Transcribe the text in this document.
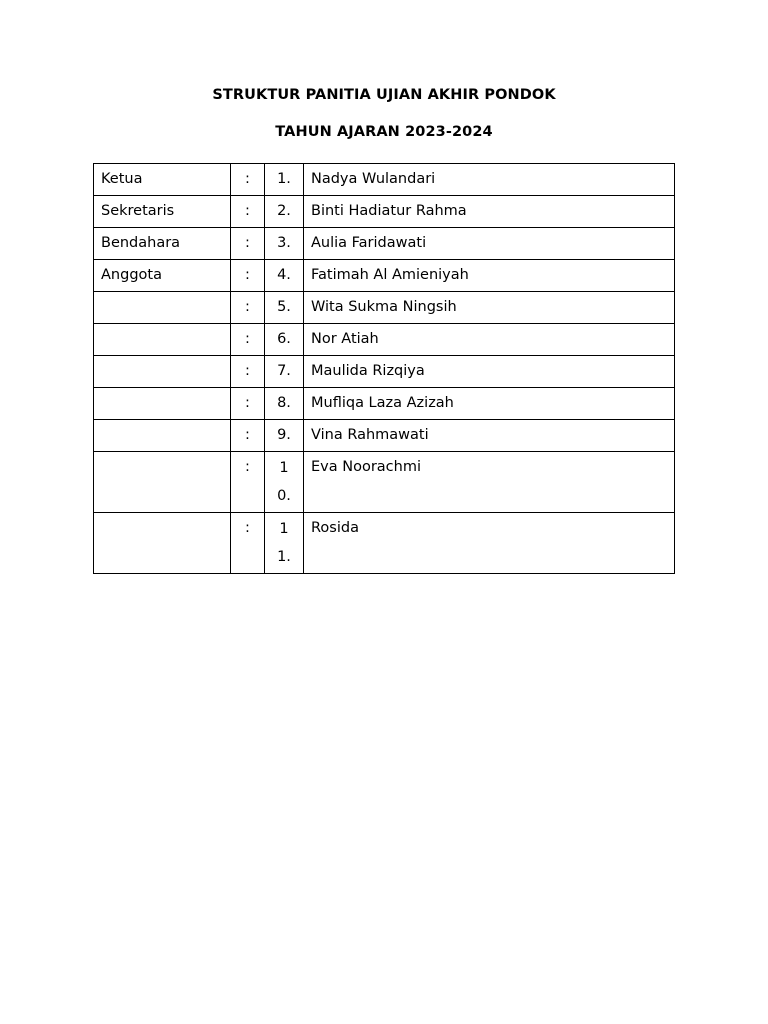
STRUKTUR PANITIA UJIAN AKHIR PONDOK
TAHUN AJARAN 2023-2024
Ketua	:	1.	Nadya Wulandari
Sekretaris	:	2.	Binti Hadiatur Rahma
Bendahara	:	3.	Aulia Faridawati
Anggota	:	4.	Fatimah Al Amieniyah
	:	5.	Wita Sukma Ningsih
	:	6.	Nor Atiah
	:	7.	Maulida Rizqiya
	:	8.	Mufliqa Laza Azizah
	:	9.	Vina Rahmawati
	:	10.	Eva Noorachmi
	:	11.	Rosida
